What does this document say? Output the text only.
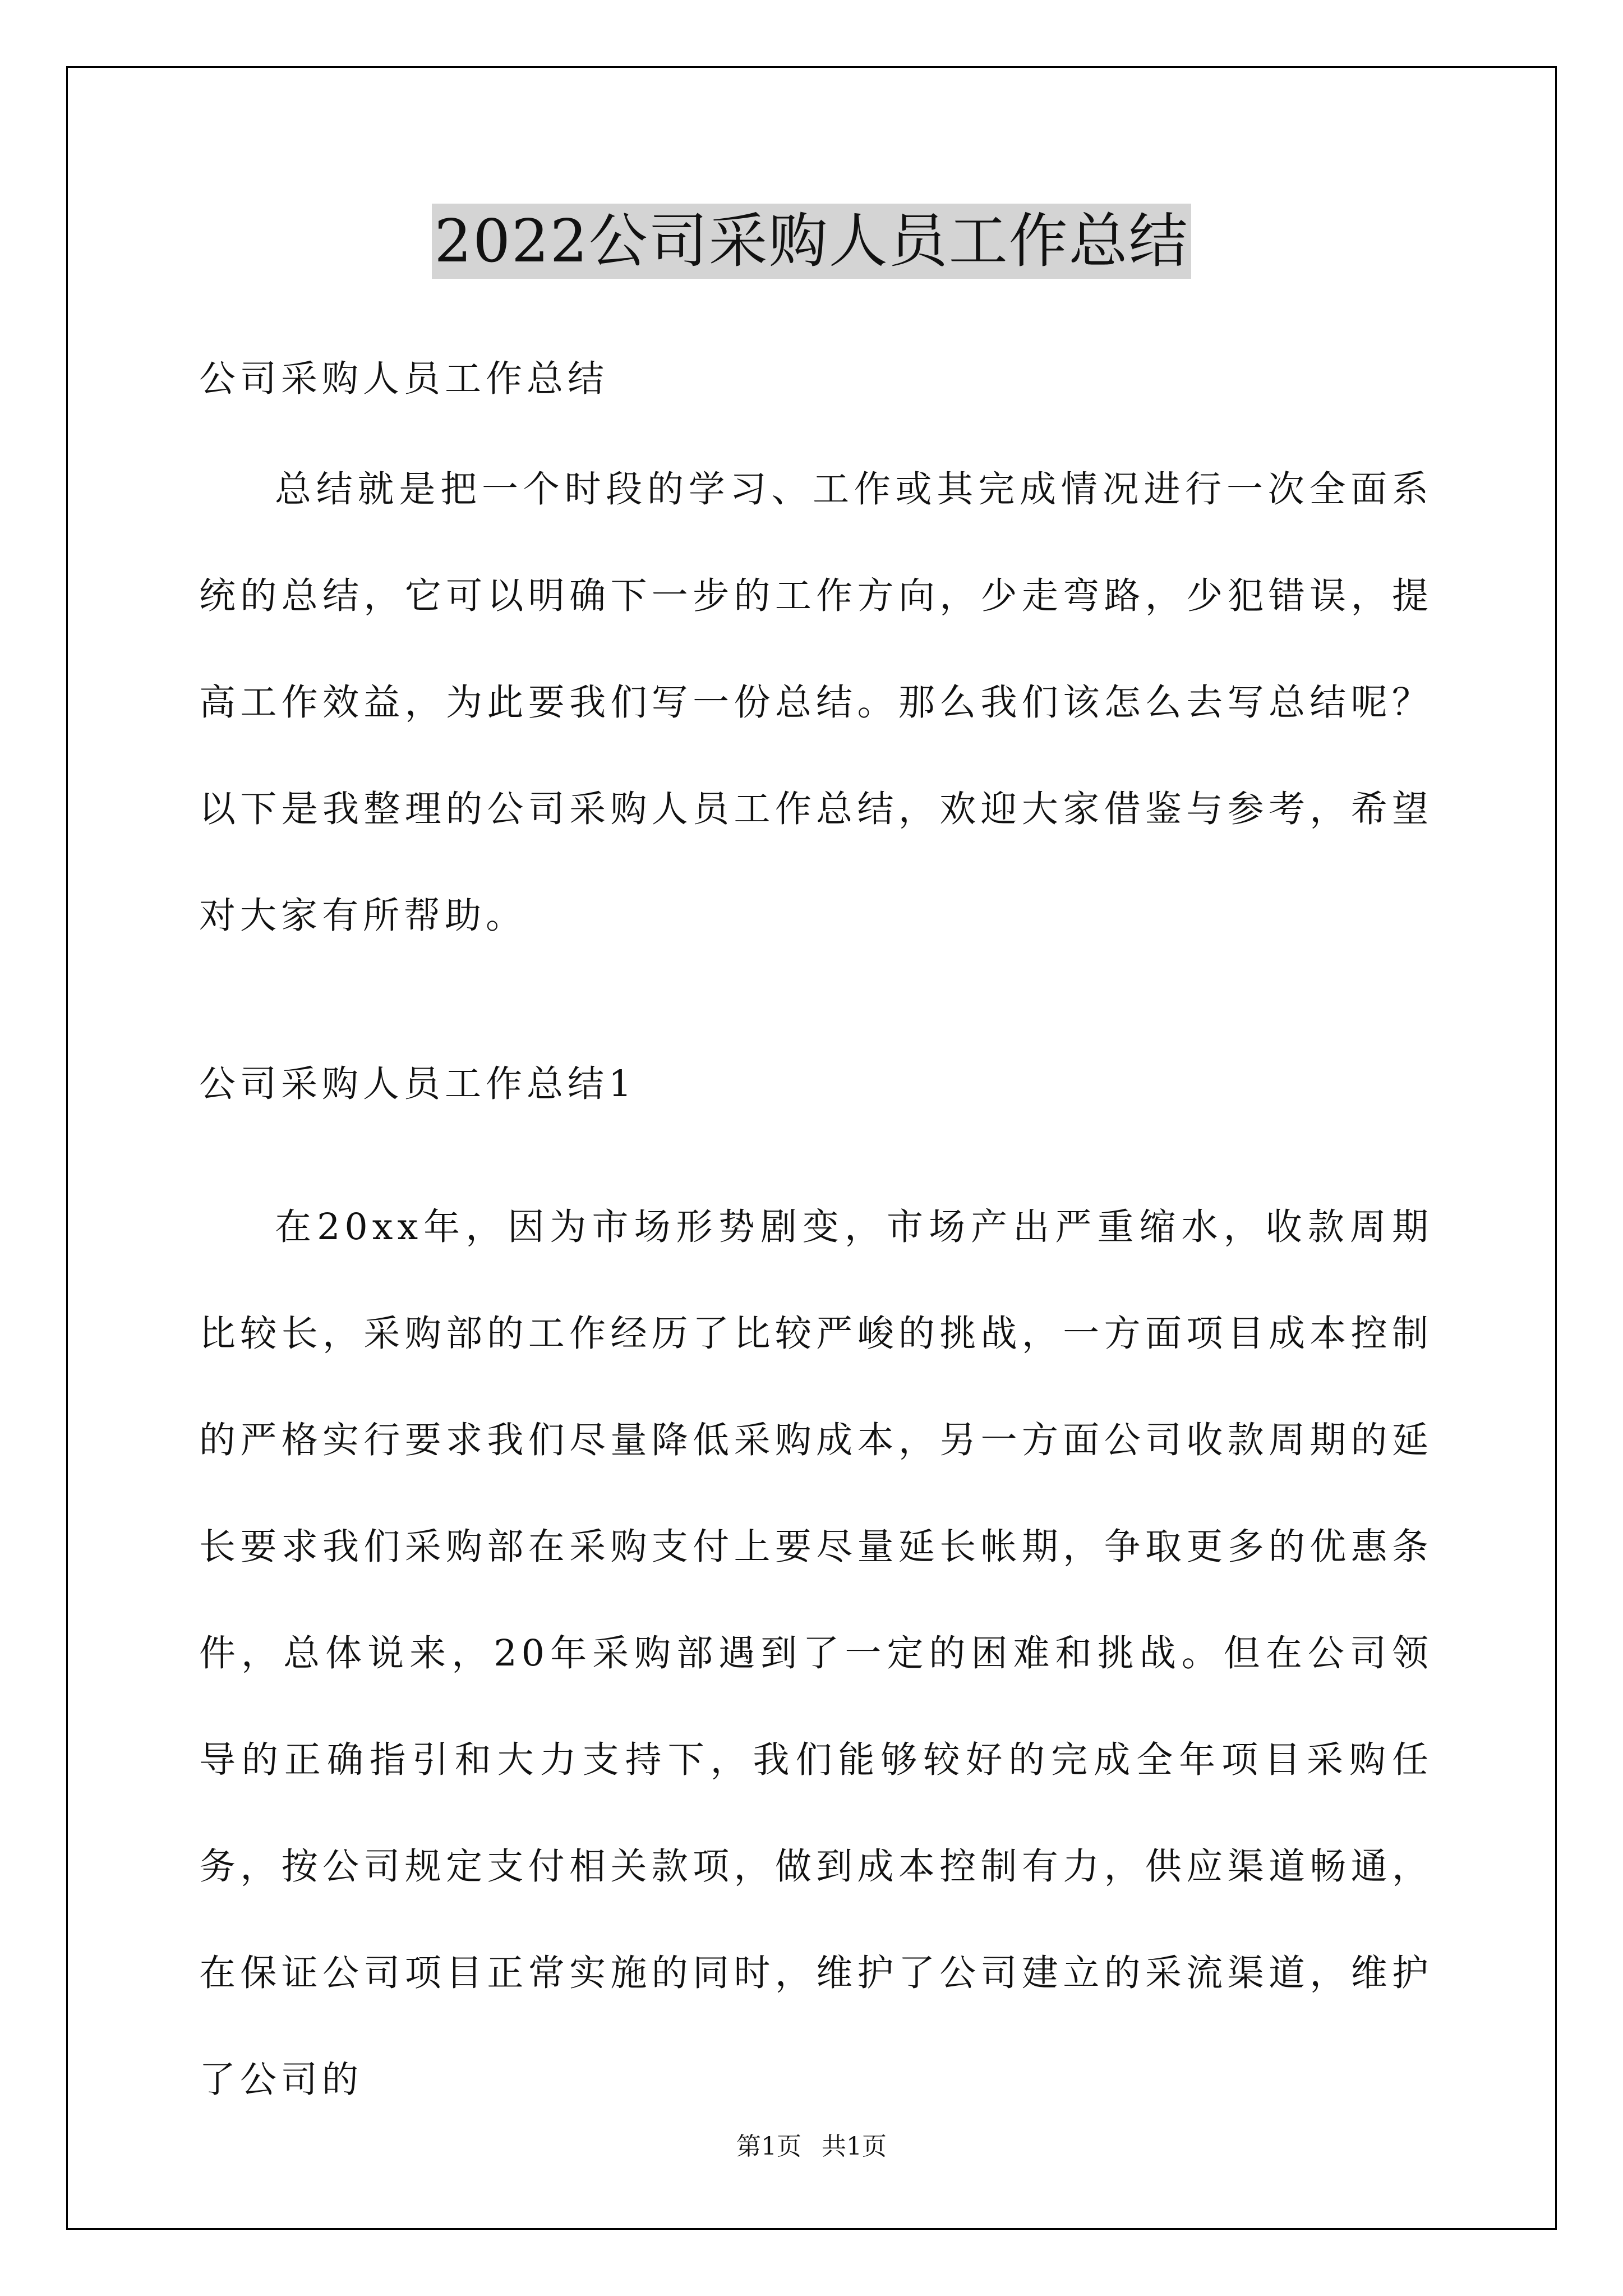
2022公司采购人员工作总结

公司采购人员工作总结

总结就是把一个时段的学习、工作或其完成情况进行一次全面系统的总结，它可以明确下一步的工作方向，少走弯路，少犯错误，提高工作效益，为此要我们写一份总结。那么我们该怎么去写总结呢？以下是我整理的公司采购人员工作总结，欢迎大家借鉴与参考，希望对大家有所帮助。

公司采购人员工作总结1

在20xx年，因为市场形势剧变，市场产出严重缩水，收款周期比较长，采购部的工作经历了比较严峻的挑战，一方面项目成本控制的严格实行要求我们尽量降低采购成本，另一方面公司收款周期的延长要求我们采购部在采购支付上要尽量延长帐期，争取更多的优惠条件，总体说来，20年采购部遇到了一定的困难和挑战。但在公司领导的正确指引和大力支持下，我们能够较好的完成全年项目采购任务，按公司规定支付相关款项，做到成本控制有力，供应渠道畅通，在保证公司项目正常实施的同时，维护了公司建立的采流渠道，维护了公司的

第1页 共1页
